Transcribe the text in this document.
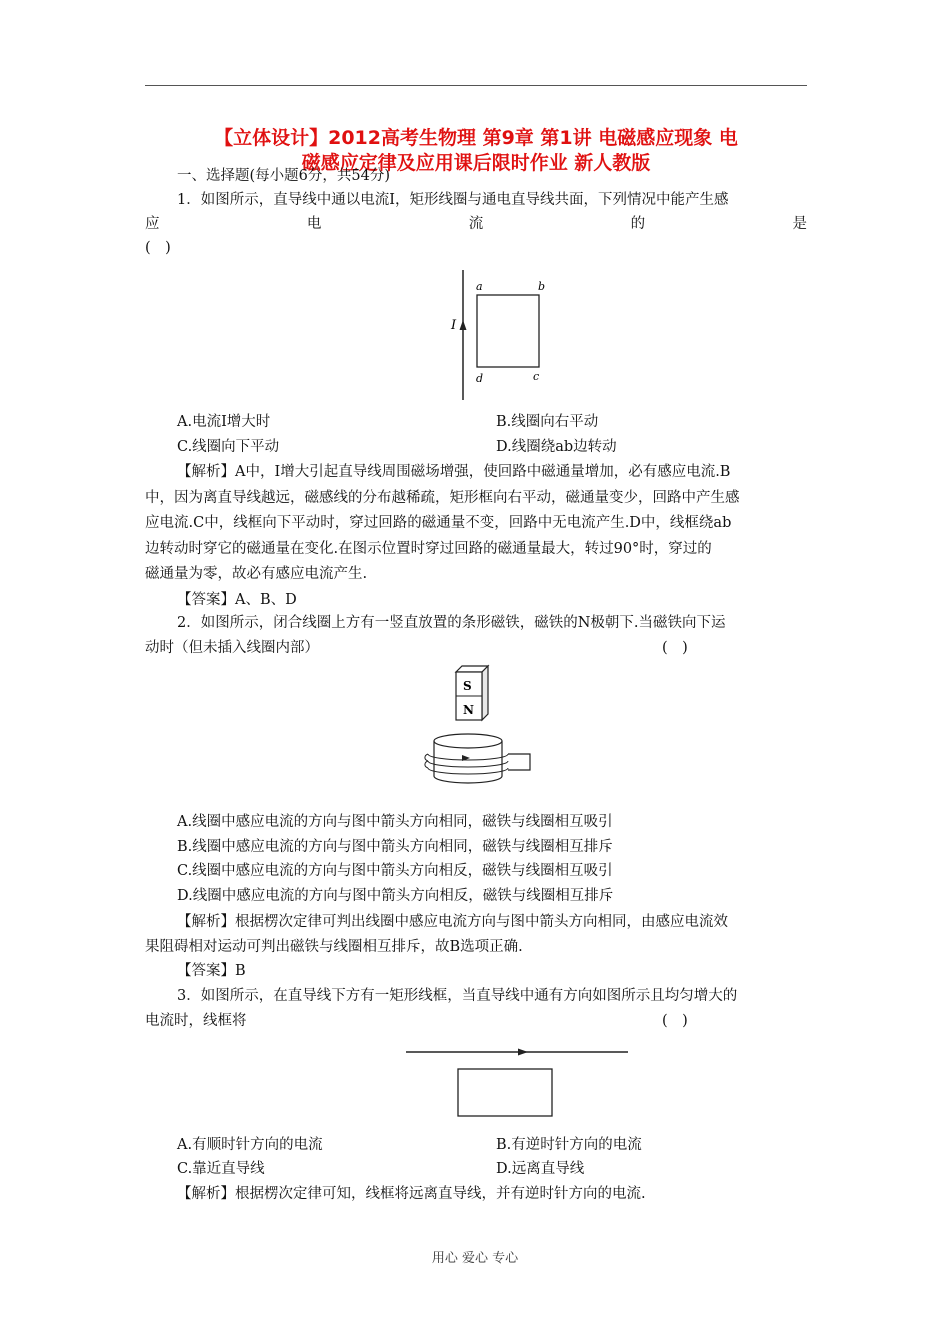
【立体设计】2012高考生物理 第9章 第1讲 电磁感应现象 电
磁感应定律及应用课后限时作业 新人教版
一、选择题(每小题6分，共54分)
1．如图所示，直导线中通以电流I，矩形线圈与通电直导线共面，下列情况中能产生感
应	电	流	的	是
(　)
I
a	b
c
d
A.电流I增大时	B.线圈向右平动
C.线圈向下平动	D.线圈绕ab边转动
【解析】A中，I增大引起直导线周围磁场增强，使回路中磁通量增加，必有感应电流.B
中，因为离直导线越远，磁感线的分布越稀疏，矩形框向右平动，磁通量变少，回路中产生感
应电流.C中，线框向下平动时，穿过回路的磁通量不变，回路中无电流产生.D中，线框绕ab
边转动时穿它的磁通量在变化.在图示位置时穿过回路的磁通量最大，转过90°时，穿过的
磁通量为零，故必有感应电流产生.
【答案】A、B、D
2．如图所示，闭合线圈上方有一竖直放置的条形磁铁，磁铁的N极朝下.当磁铁向下运
动时（但未插入线圈内部）	(　)
S
N
A.线圈中感应电流的方向与图中箭头方向相同，磁铁与线圈相互吸引
B.线圈中感应电流的方向与图中箭头方向相同，磁铁与线圈相互排斥
C.线圈中感应电流的方向与图中箭头方向相反，磁铁与线圈相互吸引
D.线圈中感应电流的方向与图中箭头方向相反，磁铁与线圈相互排斥
【解析】根据楞次定律可判出线圈中感应电流方向与图中箭头方向相同，由感应电流效
果阻碍相对运动可判出磁铁与线圈相互排斥，故B选项正确.
【答案】B
3．如图所示，在直导线下方有一矩形线框，当直导线中通有方向如图所示且均匀增大的
电流时，线框将	(　)
A.有顺时针方向的电流	B.有逆时针方向的电流
C.靠近直导线	D.远离直导线
【解析】根据楞次定律可知，线框将远离直导线，并有逆时针方向的电流.
用心 爱心 专心
